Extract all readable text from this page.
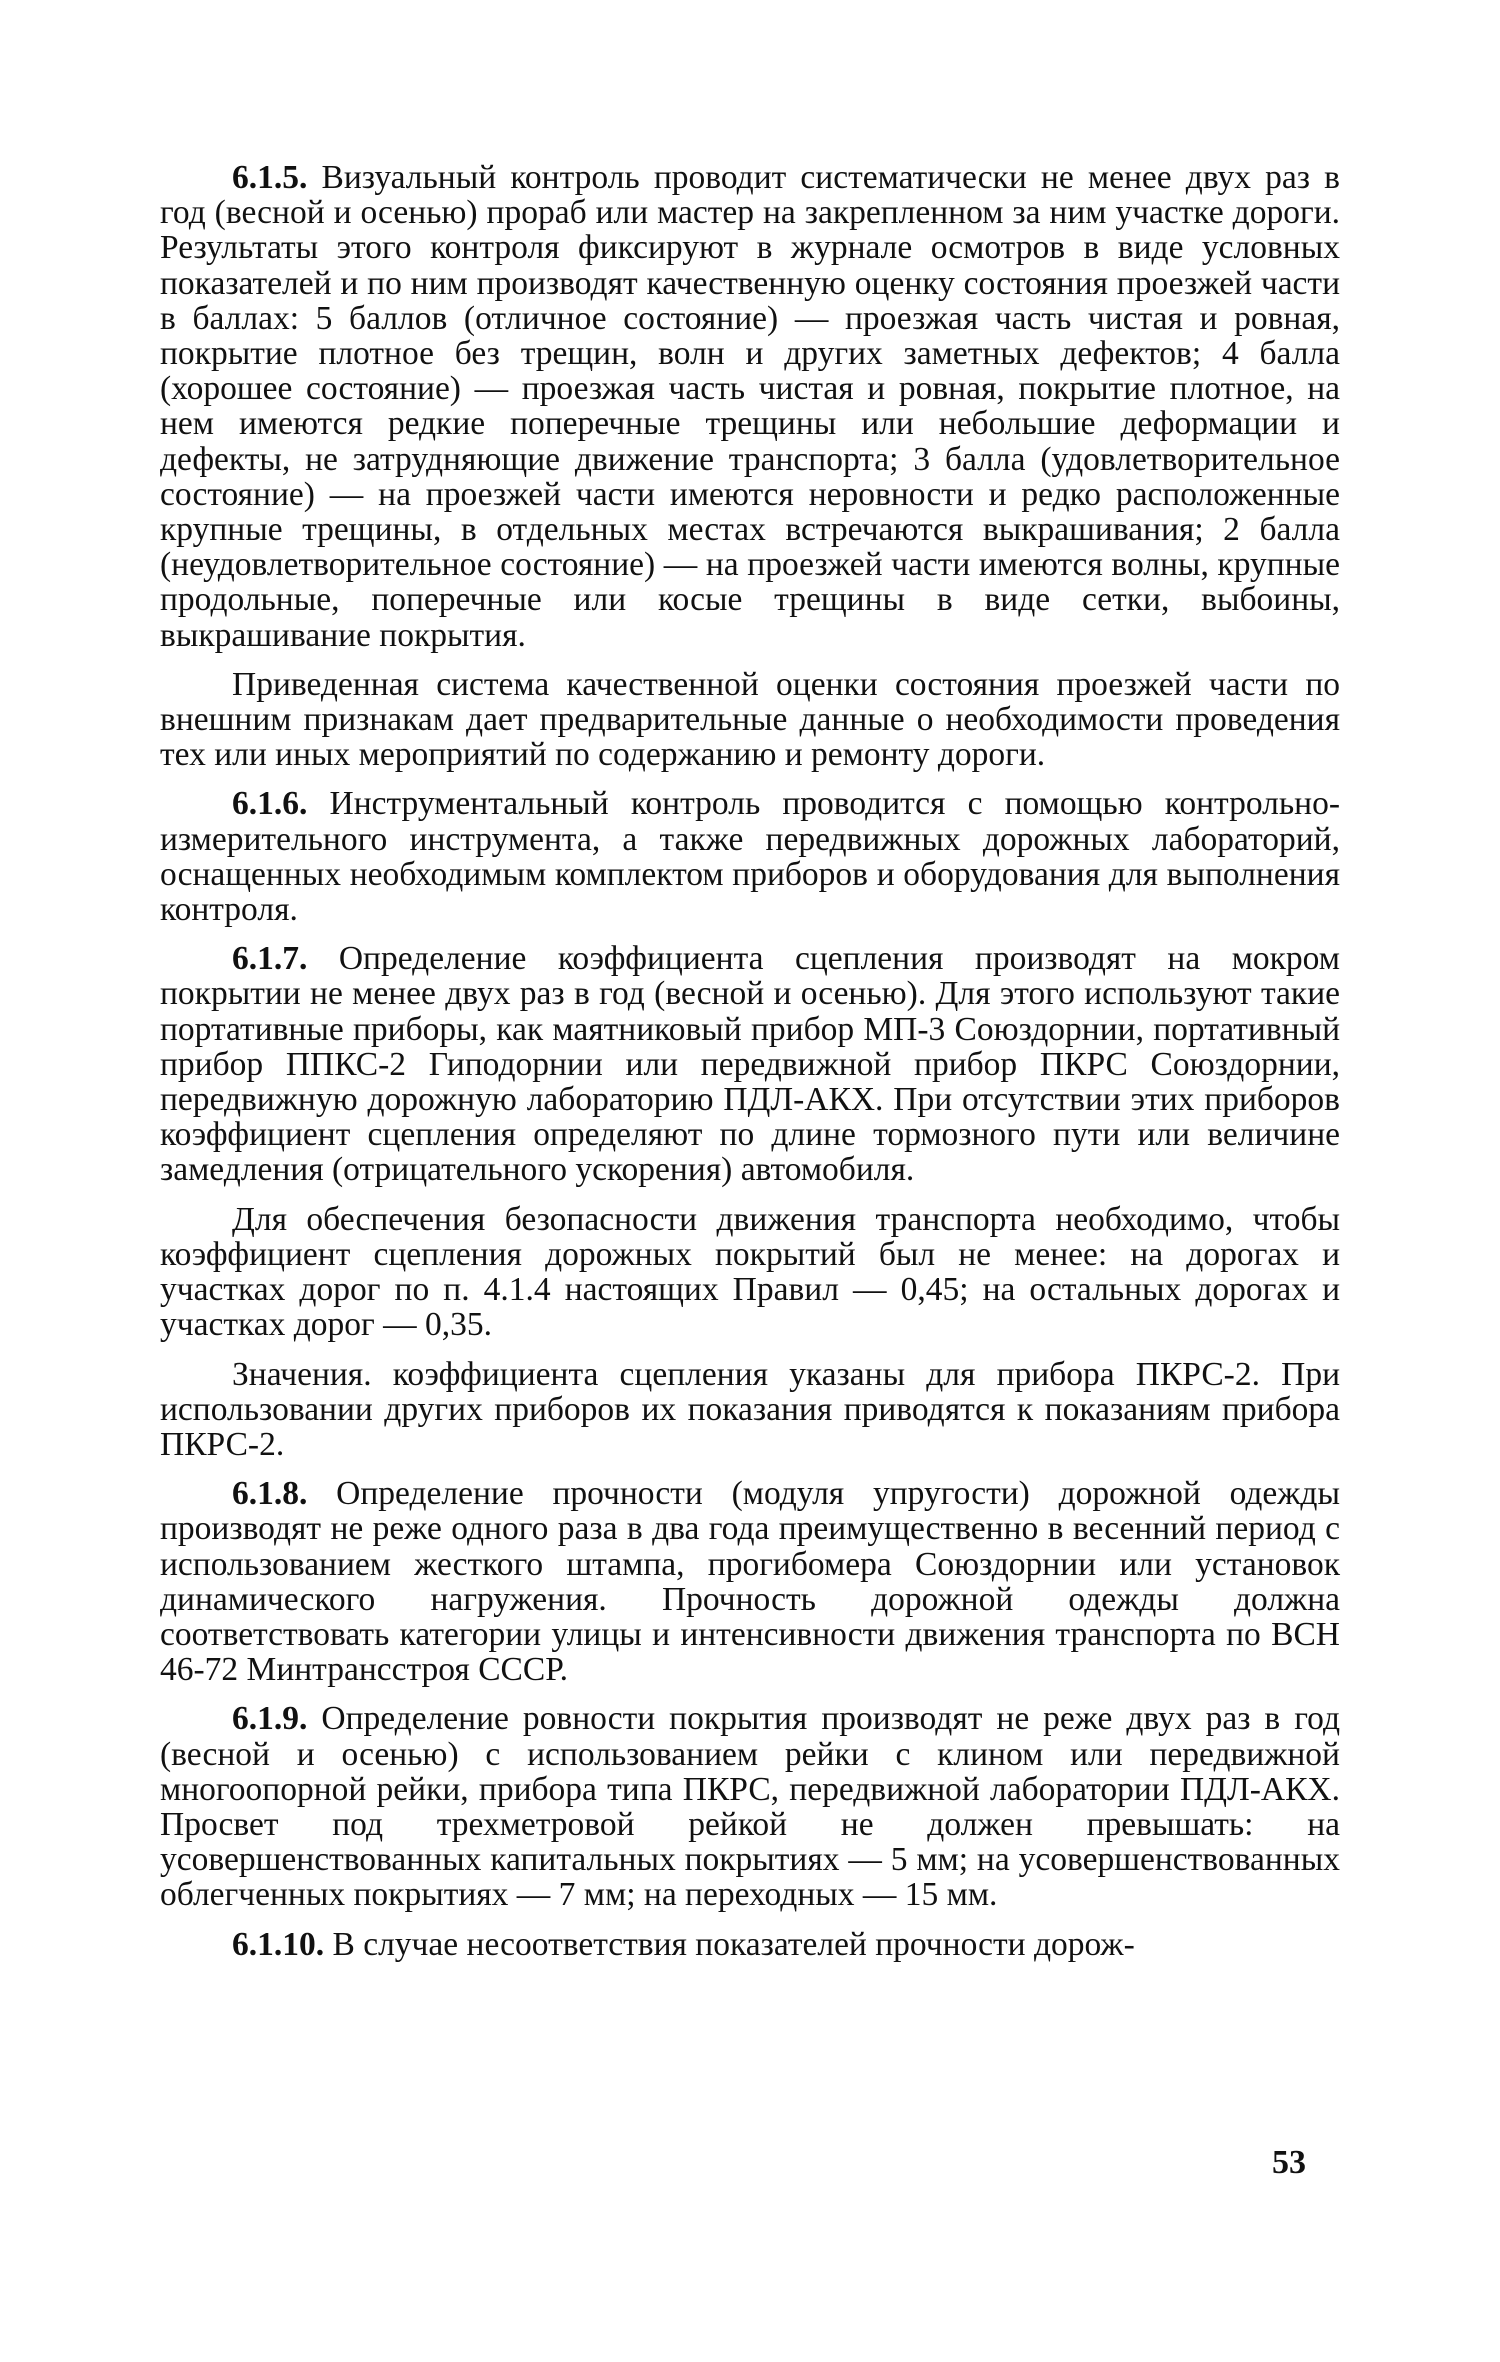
6.1.5. Визуальный контроль проводит систематически не менее двух раз в год (весной и осенью) прораб или мастер на закрепленном за ним участке дороги. Результаты этого контроля фиксируют в журнале осмотров в виде условных показателей и по ним производят качественную оценку состояния проезжей части в баллах: 5 баллов (отличное состояние) — проезжая часть чистая и ровная, покрытие плотное без трещин, волн и других заметных дефектов; 4 балла (хорошее состояние) — проезжая часть чистая и ровная, покрытие плотное, на нем имеются редкие поперечные трещины или небольшие деформации и дефекты, не затрудняющие движение транспорта; 3 балла (удовлетворительное состояние) — на проезжей части имеются неровности и редко расположенные крупные трещины, в отдельных местах встречаются выкрашивания; 2 балла (неудовлетворительное состояние) — на проезжей части имеются волны, крупные продольные, поперечные или косые трещины в виде сетки, выбоины, выкрашивание покрытия.

Приведенная система качественной оценки состояния проезжей части по внешним признакам дает предварительные данные о необходимости проведения тех или иных мероприятий по содержанию и ремонту дороги.

6.1.6. Инструментальный контроль проводится с помощью контрольно-измерительного инструмента, а также передвижных дорожных лабораторий, оснащенных необходимым комплектом приборов и оборудования для выполнения контроля.

6.1.7. Определение коэффициента сцепления производят на мокром покрытии не менее двух раз в год (весной и осенью). Для этого используют такие портативные приборы, как маятниковый прибор МП-3 Союздорнии, портативный прибор ППКС-2 Гиподорнии или передвижной прибор ПКРС Союздорнии, передвижную дорожную лабораторию ПДЛ-АКХ. При отсутствии этих приборов коэффициент сцепления определяют по длине тормозного пути или величине замедления (отрицательного ускорения) автомобиля.

Для обеспечения безопасности движения транспорта необходимо, чтобы коэффициент сцепления дорожных покрытий был не менее: на дорогах и участках дорог по п. 4.1.4 настоящих Правил — 0,45; на остальных дорогах и участках дорог — 0,35.

Значения. коэффициента сцепления указаны для прибора ПКРС-2. При использовании других приборов их показания приводятся к показаниям прибора ПКРС-2.

6.1.8. Определение прочности (модуля упругости) дорожной одежды производят не реже одного раза в два года преимущественно в весенний период с использованием жесткого штампа, прогибомера Союздорнии или установок динамического нагружения. Прочность дорожной одежды должна соответствовать категории улицы и интенсивности движения транспорта по ВСН 46-72 Минтрансстроя СССР.

6.1.9. Определение ровности покрытия производят не реже двух раз в год (весной и осенью) с использованием рейки с клином или передвижной многоопорной рейки, прибора типа ПКРС, передвижной лаборатории ПДЛ-АКХ. Просвет под трехметровой рейкой не должен превышать: на усовершенствованных капитальных покрытиях — 5 мм; на усовершенствованных облегченных покрытиях — 7 мм; на переходных — 15 мм.

6.1.10. В случае несоответствия показателей прочности дорож-

53
